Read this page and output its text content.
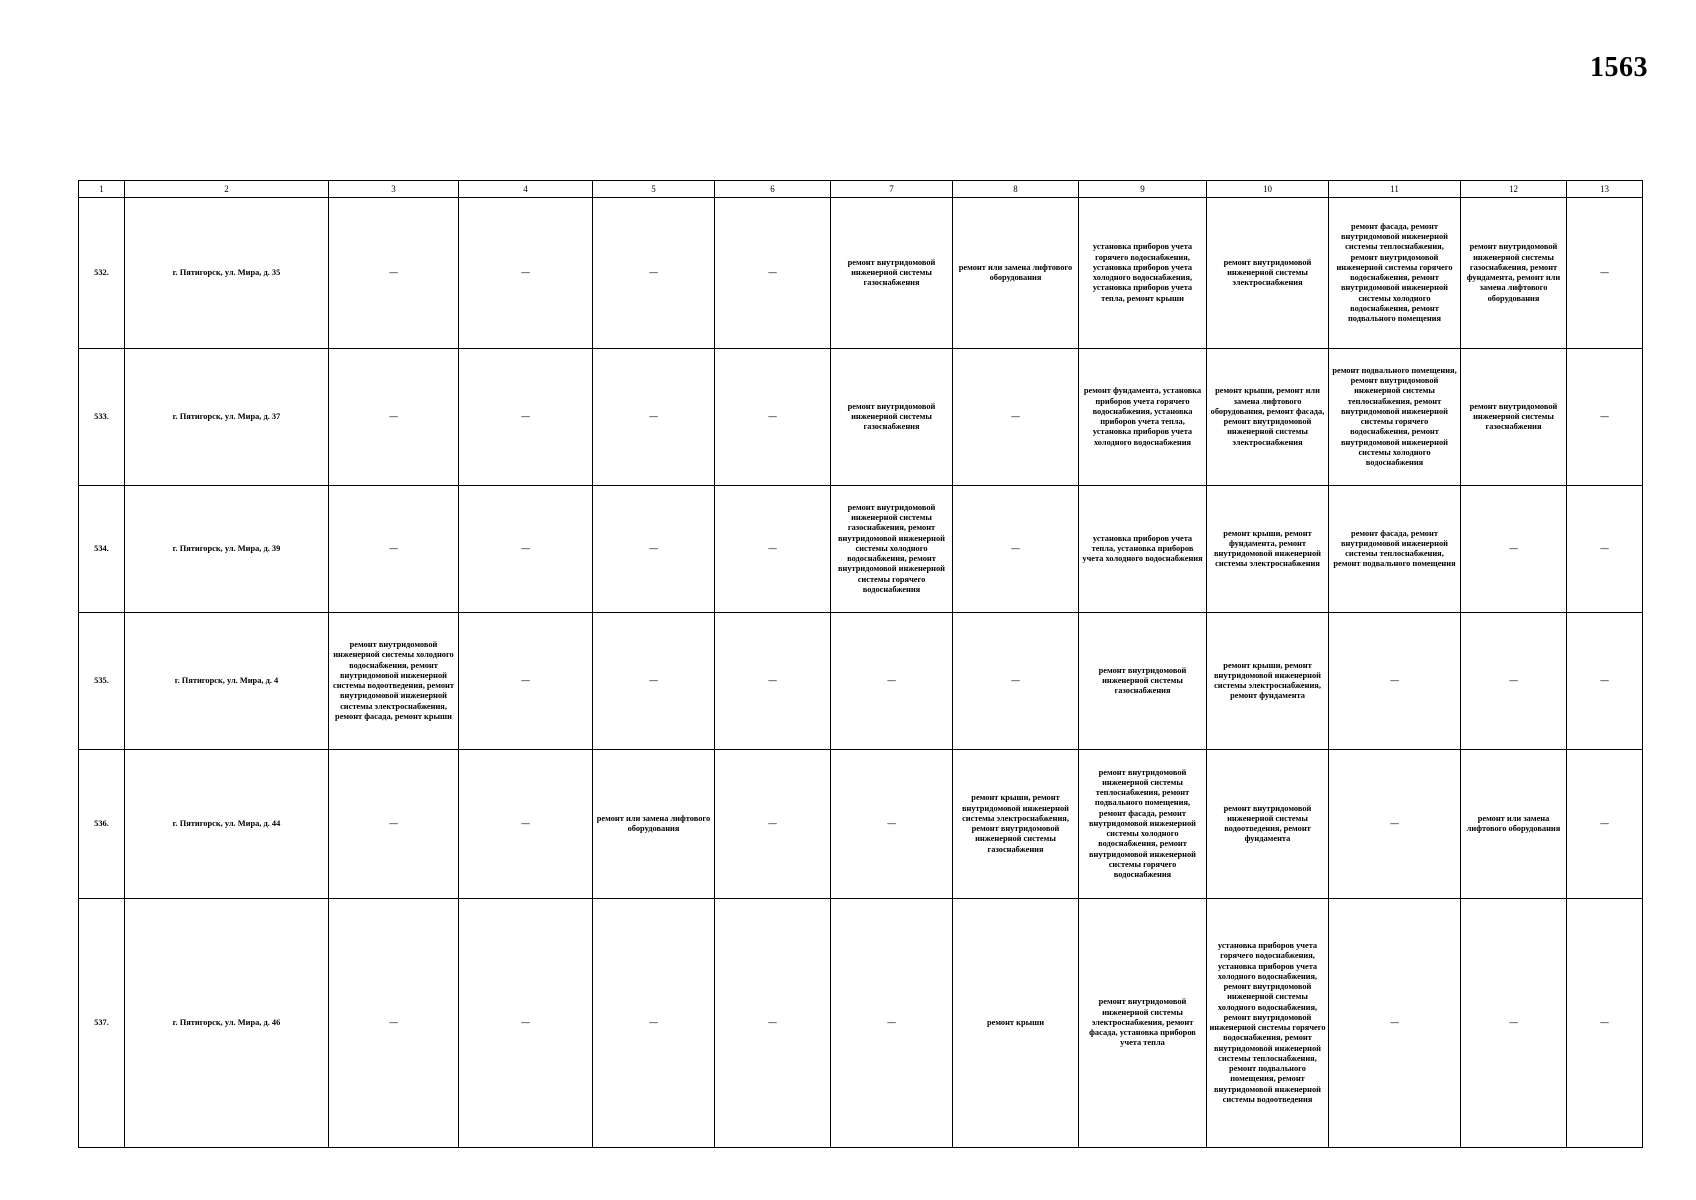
1563
1	2	3	4	5	6	7	8	9	10	11	12	13
532.	г. Пятигорск, ул. Мира, д. 35	—	—	—	—	ремонт внутридомовой инженерной системы газоснабжения	ремонт или замена лифтового оборудования	установка приборов учета горячего водоснабжения, установка приборов учета холодного водоснабжения, установка приборов учета тепла, ремонт крыши	ремонт внутридомовой инженерной системы электроснабжения	ремонт фасада, ремонт внутридомовой инженерной системы теплоснабжения, ремонт внутридомовой инженерной системы горячего водоснабжения, ремонт внутридомовой инженерной системы холодного водоснабжения, ремонт подвального помещения	ремонт внутридомовой инженерной системы газоснабжения, ремонт фундамента, ремонт или замена лифтового оборудования	—
533.	г. Пятигорск, ул. Мира, д. 37	—	—	—	—	ремонт внутридомовой инженерной системы газоснабжения	—	ремонт фундамента, установка приборов учета горячего водоснабжения, установка приборов учета тепла, установка приборов учета холодного водоснабжения	ремонт крыши, ремонт или замена лифтового оборудования, ремонт фасада, ремонт внутридомовой инженерной системы электроснабжения	ремонт подвального помещения, ремонт внутридомовой инженерной системы теплоснабжения, ремонт внутридомовой инженерной системы горячего водоснабжения, ремонт внутридомовой инженерной системы холодного водоснабжения	ремонт внутридомовой инженерной системы газоснабжения	—
534.	г. Пятигорск, ул. Мира, д. 39	—	—	—	—	ремонт внутридомовой инженерной системы газоснабжения, ремонт внутридомовой инженерной системы холодного водоснабжения, ремонт внутридомовой инженерной системы горячего водоснабжения	—	установка приборов учета тепла, установка приборов учета холодного водоснабжения	ремонт крыши, ремонт фундамента, ремонт внутридомовой инженерной системы электроснабжения	ремонт фасада, ремонт внутридомовой инженерной системы теплоснабжения, ремонт подвального помещения	—	—
535.	г. Пятигорск, ул. Мира, д. 4	ремонт внутридомовой инженерной системы холодного водоснабжения, ремонт внутридомовой инженерной системы водоотведения, ремонт внутридомовой инженерной системы электроснабжения, ремонт фасада, ремонт крыши	—	—	—	—	—	ремонт внутридомовой инженерной системы газоснабжения	ремонт крыши, ремонт внутридомовой инженерной системы электроснабжения, ремонт фундамента	—	—	—
536.	г. Пятигорск, ул. Мира, д. 44	—	—	ремонт или замена лифтового оборудования	—	—	ремонт крыши, ремонт внутридомовой инженерной системы электроснабжения, ремонт внутридомовой инженерной системы газоснабжения	ремонт внутридомовой инженерной системы теплоснабжения, ремонт подвального помещения, ремонт фасада, ремонт внутридомовой инженерной системы холодного водоснабжения, ремонт внутридомовой инженерной системы горячего водоснабжения	ремонт внутридомовой инженерной системы водоотведения, ремонт фундамента	—	ремонт или замена лифтового оборудования	—
537.	г. Пятигорск, ул. Мира, д. 46	—	—	—	—	—	ремонт крыши	ремонт внутридомовой инженерной системы электроснабжения, ремонт фасада, установка приборов учета тепла	установка приборов учета горячего водоснабжения, установка приборов учета холодного водоснабжения, ремонт внутридомовой инженерной системы холодного водоснабжения, ремонт внутридомовой инженерной системы горячего водоснабжения, ремонт внутридомовой инженерной системы теплоснабжения, ремонт подвального помещения, ремонт внутридомовой инженерной системы водоотведения	—	—	—
